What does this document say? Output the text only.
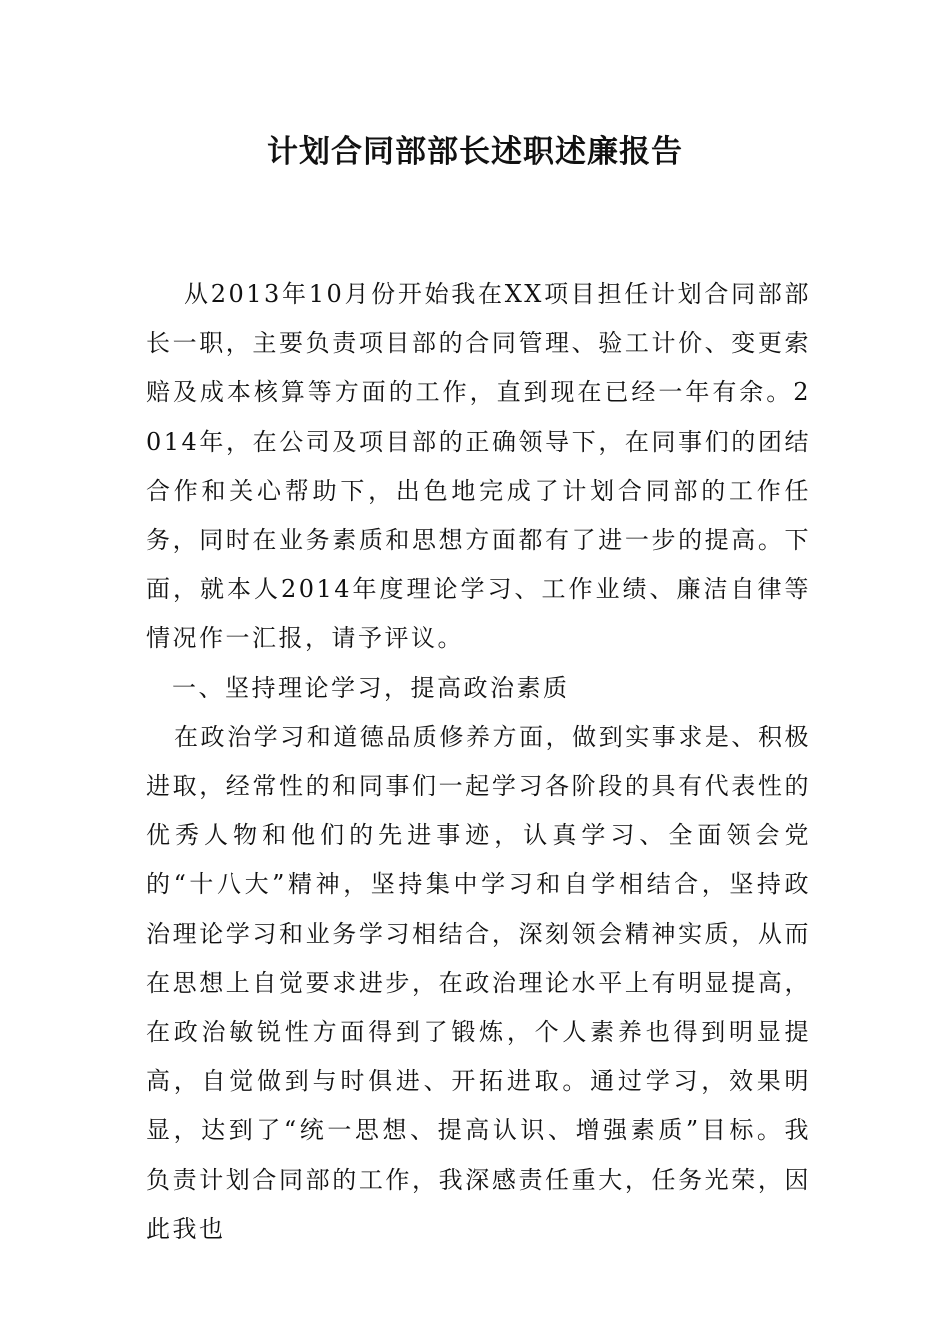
计划合同部部长述职述廉报告

从2013年10月份开始我在XX项目担任计划合同部部长一职，主要负责项目部的合同管理、验工计价、变更索赔及成本核算等方面的工作，直到现在已经一年有余。2014年，在公司及项目部的正确领导下，在同事们的团结合作和关心帮助下，出色地完成了计划合同部的工作任务，同时在业务素质和思想方面都有了进一步的提高。下面，就本人2014年度理论学习、工作业绩、廉洁自律等情况作一汇报，请予评议。

一、坚持理论学习，提高政治素质

在政治学习和道德品质修养方面，做到实事求是、积极进取，经常性的和同事们一起学习各阶段的具有代表性的优秀人物和他们的先进事迹，认真学习、全面领会党的“十八大”精神，坚持集中学习和自学相结合，坚持政治理论学习和业务学习相结合，深刻领会精神实质，从而在思想上自觉要求进步，在政治理论水平上有明显提高，在政治敏锐性方面得到了锻炼，个人素养也得到明显提高，自觉做到与时俱进、开拓进取。通过学习，效果明显，达到了“统一思想、提高认识、增强素质”目标。我负责计划合同部的工作，我深感责任重大，任务光荣，因此我也
